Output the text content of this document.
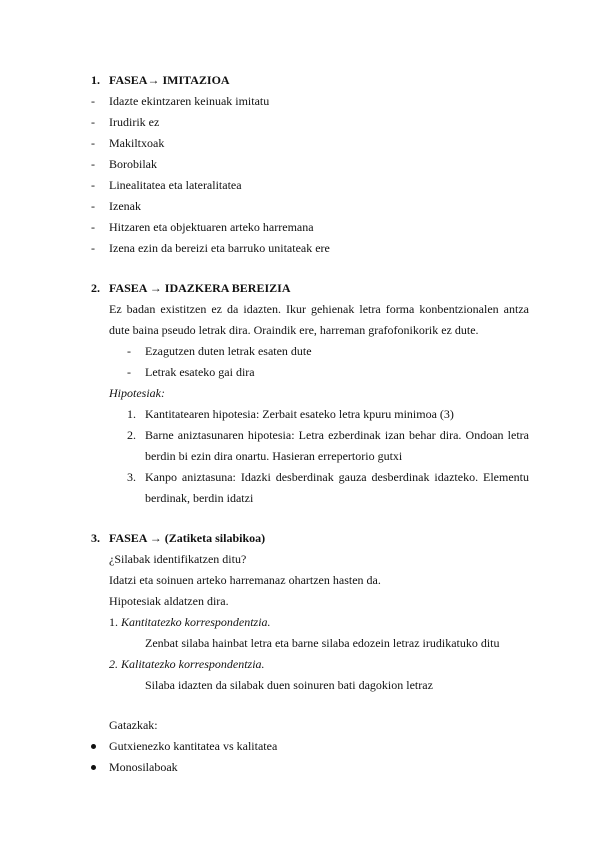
1. FASEA→ IMITAZIOA
- Idazte ekintzaren keinuak imitatu
- Irudirik ez
- Makiltxoak
- Borobilak
- Linealitatea eta lateralitatea
- Izenak
- Hitzaren eta objektuaren arteko harremana
- Izena ezin da bereizi eta barruko unitateak ere
2. FASEA → IDAZKERA BEREIZIA
Ez badan existitzen ez da idazten. Ikur gehienak letra forma konbentzionalen antza
dute baina pseudo letrak dira. Oraindik ere, harreman grafofonikorik ez dute.
- Ezagutzen duten letrak esaten dute
- Letrak esateko gai dira
Hipotesiak:
1. Kantitatearen hipotesia: Zerbait esateko letra kpuru minimoa (3)
2. Barne aniztasunaren hipotesia: Letra ezberdinak izan behar dira. Ondoan letra
berdin bi ezin dira onartu. Hasieran errepertorio gutxi
3. Kanpo aniztasuna: Idazki desberdinak gauza desberdinak idazteko. Elementu
berdinak, berdin idatzi
3. FASEA → (Zatiketa silabikoa)
¿Silabak identifikatzen ditu?
Idatzi eta soinuen arteko harremanaz ohartzen hasten da.
Hipotesiak aldatzen dira.
1. Kantitatezko korrespondentzia.
Zenbat silaba hainbat letra eta barne silaba edozein letraz irudikatuko ditu
2. Kalitatezko korrespondentzia.
Silaba idazten da silabak duen soinuren bati dagokion letraz
Gatazkak:
Gutxienezko kantitatea vs kalitatea
Monosilaboak
